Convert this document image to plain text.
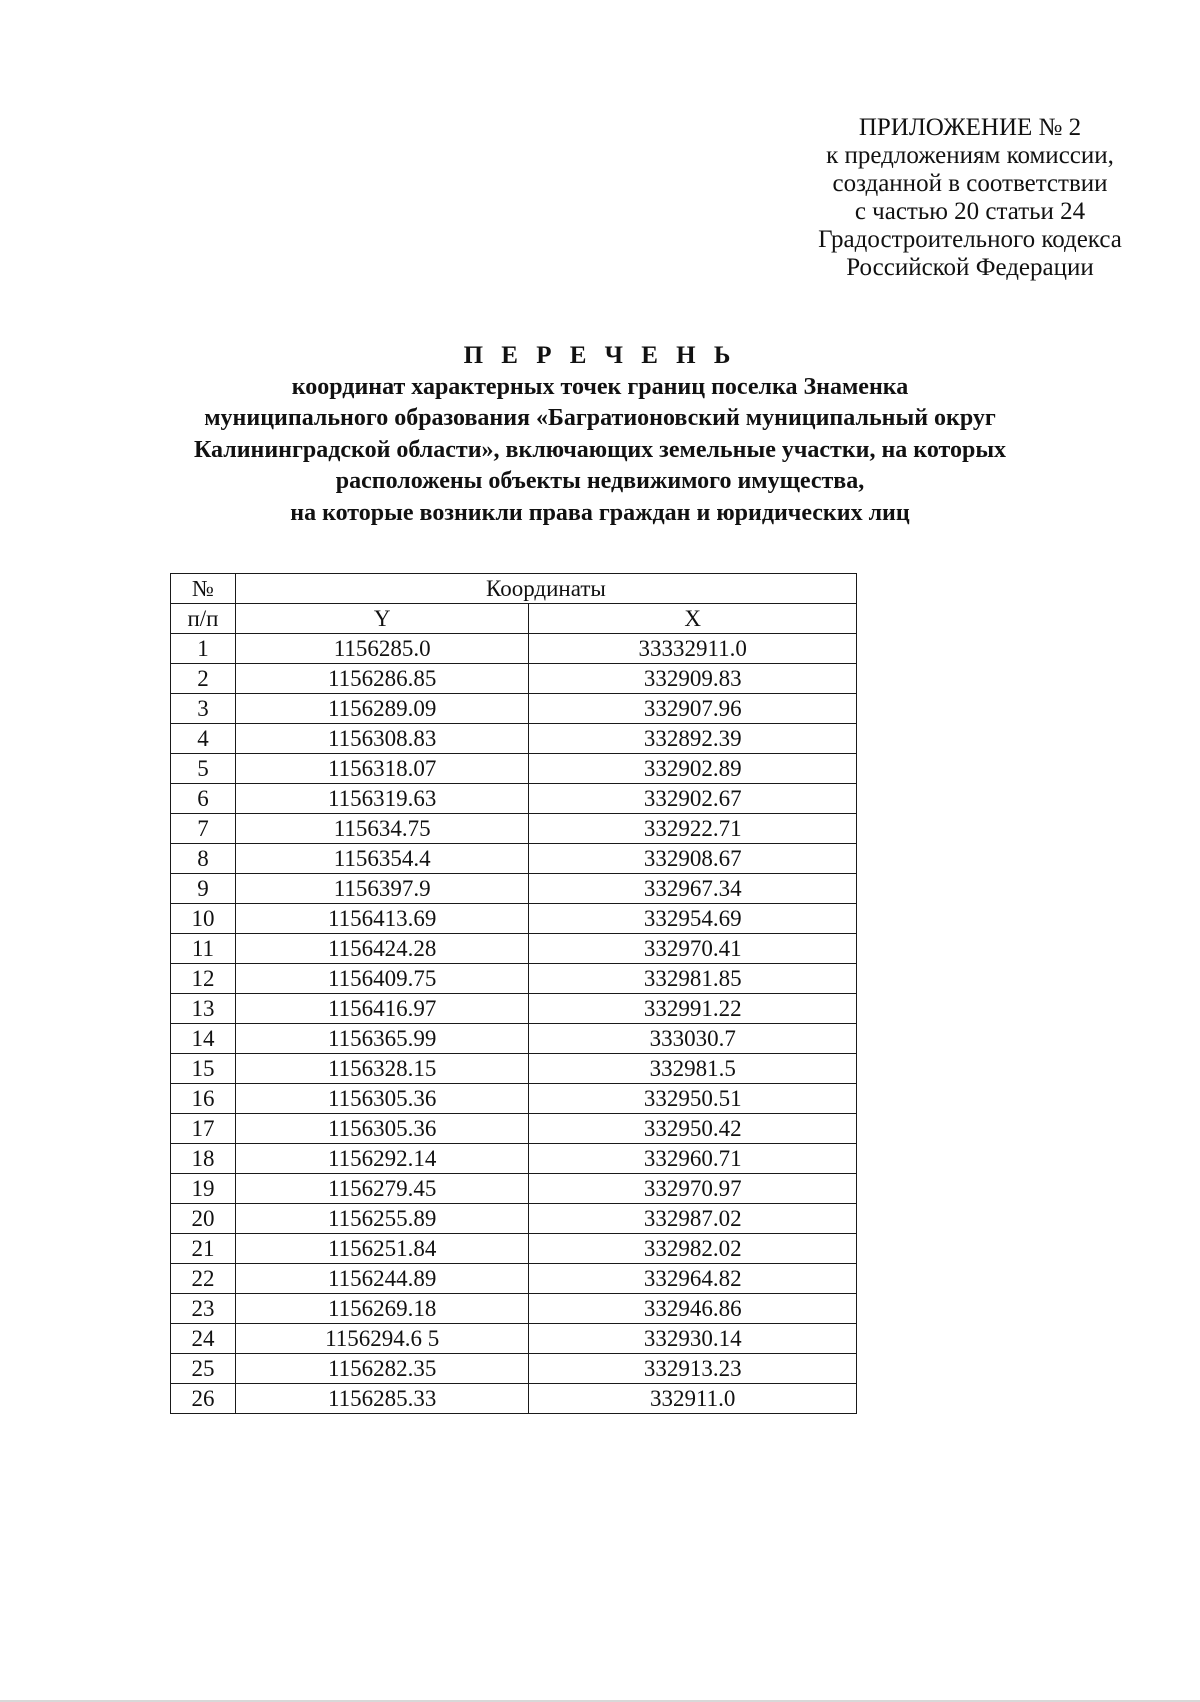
ПРИЛОЖЕНИЕ № 2
к предложениям комиссии,
созданной в соответствии
с частью 20 статьи 24
Градостроительного кодекса
Российской Федерации
П Е Р Е Ч Е Н Ь
координат характерных точек границ поселка Знаменка
муниципального образования «Багратионовский муниципальный округ
Калининградской области», включающих земельные участки, на которых
расположены объекты недвижимого имущества,
на которые возникли права граждан и юридических лиц
№	Координаты	
п/п	Y	X
1	1156285.0	33332911.0
2	1156286.85	332909.83
3	1156289.09	332907.96
4	1156308.83	332892.39
5	1156318.07	332902.89
6	1156319.63	332902.67
7	115634.75	332922.71
8	1156354.4	332908.67
9	1156397.9	332967.34
10	1156413.69	332954.69
11	1156424.28	332970.41
12	1156409.75	332981.85
13	1156416.97	332991.22
14	1156365.99	333030.7
15	1156328.15	332981.5
16	1156305.36	332950.51
17	1156305.36	332950.42
18	1156292.14	332960.71
19	1156279.45	332970.97
20	1156255.89	332987.02
21	1156251.84	332982.02
22	1156244.89	332964.82
23	1156269.18	332946.86
24	1156294.6 5	332930.14
25	1156282.35	332913.23
26	1156285.33	332911.0
